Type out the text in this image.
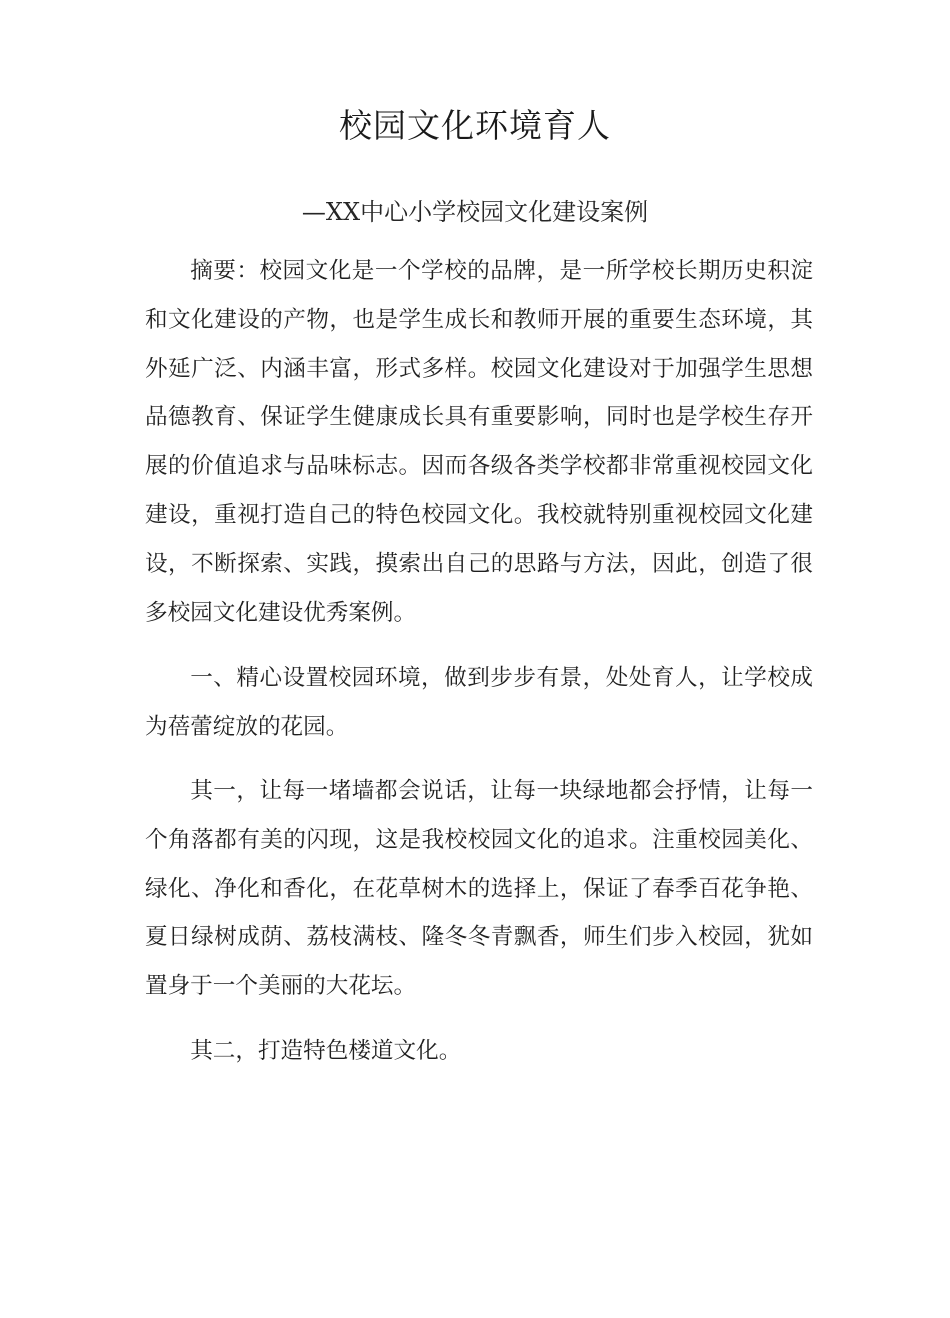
校园文化环境育人
—XX中心小学校园文化建设案例

摘要：校园文化是一个学校的品牌，是一所学校长期历史积淀和文化建设的产物，也是学生成长和教师开展的重要生态环境，其外延广泛、内涵丰富，形式多样。校园文化建设对于加强学生思想品德教育、保证学生健康成长具有重要影响，同时也是学校生存开展的价值追求与品味标志。因而各级各类学校都非常重视校园文化建设，重视打造自己的特色校园文化。我校就特别重视校园文化建设，不断探索、实践，摸索出自己的思路与方法，因此，创造了很多校园文化建设优秀案例。

一、精心设置校园环境，做到步步有景，处处育人，让学校成为蓓蕾绽放的花园。

其一，让每一堵墙都会说话，让每一块绿地都会抒情，让每一个角落都有美的闪现，这是我校校园文化的追求。注重校园美化、绿化、净化和香化，在花草树木的选择上，保证了春季百花争艳、夏日绿树成荫、荔枝满枝、隆冬冬青飘香，师生们步入校园，犹如置身于一个美丽的大花坛。

其二，打造特色楼道文化。
